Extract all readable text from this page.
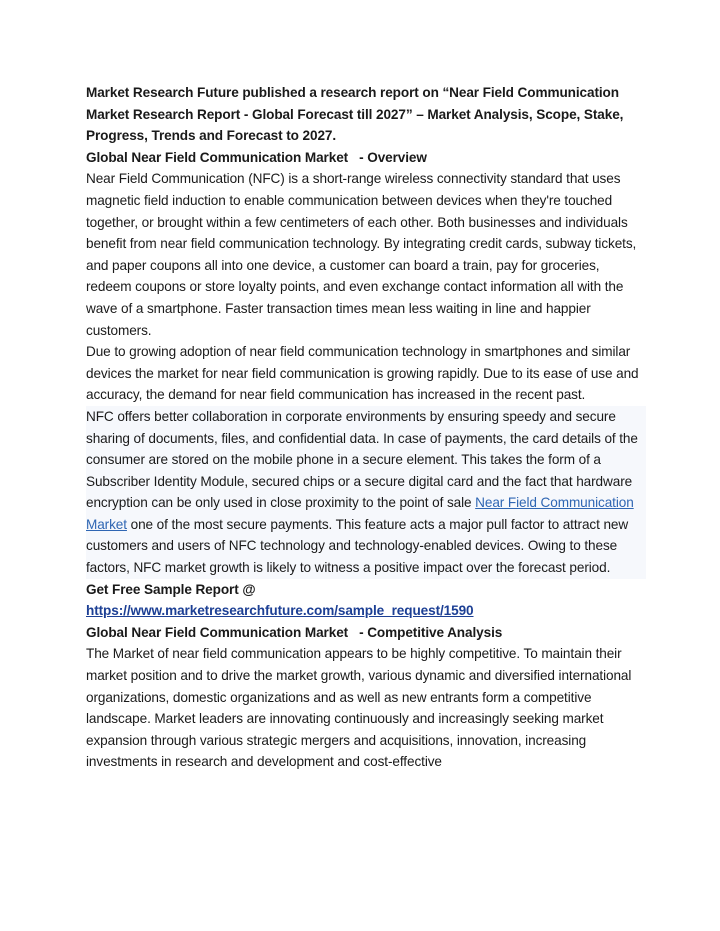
Market Research Future published a research report on “Near Field Communication Market Research Report - Global Forecast till 2027” – Market Analysis, Scope, Stake, Progress, Trends and Forecast to 2027.

Global Near Field Communication Market   - Overview

Near Field Communication (NFC) is a short-range wireless connectivity standard that uses magnetic field induction to enable communication between devices when they're touched together, or brought within a few centimeters of each other. Both businesses and individuals benefit from near field communication technology. By integrating credit cards, subway tickets, and paper coupons all into one device, a customer can board a train, pay for groceries, redeem coupons or store loyalty points, and even exchange contact information all with the wave of a smartphone. Faster transaction times mean less waiting in line and happier customers.

Due to growing adoption of near field communication technology in smartphones and similar devices the market for near field communication is growing rapidly. Due to its ease of use and accuracy, the demand for near field communication has increased in the recent past.

NFC offers better collaboration in corporate environments by ensuring speedy and secure sharing of documents, files, and confidential data. In case of payments, the card details of the consumer are stored on the mobile phone in a secure element. This takes the form of a Subscriber Identity Module, secured chips or a secure digital card and the fact that hardware encryption can be only used in close proximity to the point of sale Near Field Communication Market one of the most secure payments. This feature acts a major pull factor to attract new customers and users of NFC technology and technology-enabled devices. Owing to these factors, NFC market growth is likely to witness a positive impact over the forecast period.

Get Free Sample Report @

https://www.marketresearchfuture.com/sample_request/1590

Global Near Field Communication Market   - Competitive Analysis

The Market of near field communication appears to be highly competitive. To maintain their market position and to drive the market growth, various dynamic and diversified international organizations, domestic organizations and as well as new entrants form a competitive landscape. Market leaders are innovating continuously and increasingly seeking market expansion through various strategic mergers and acquisitions, innovation, increasing investments in research and development and cost-effective
